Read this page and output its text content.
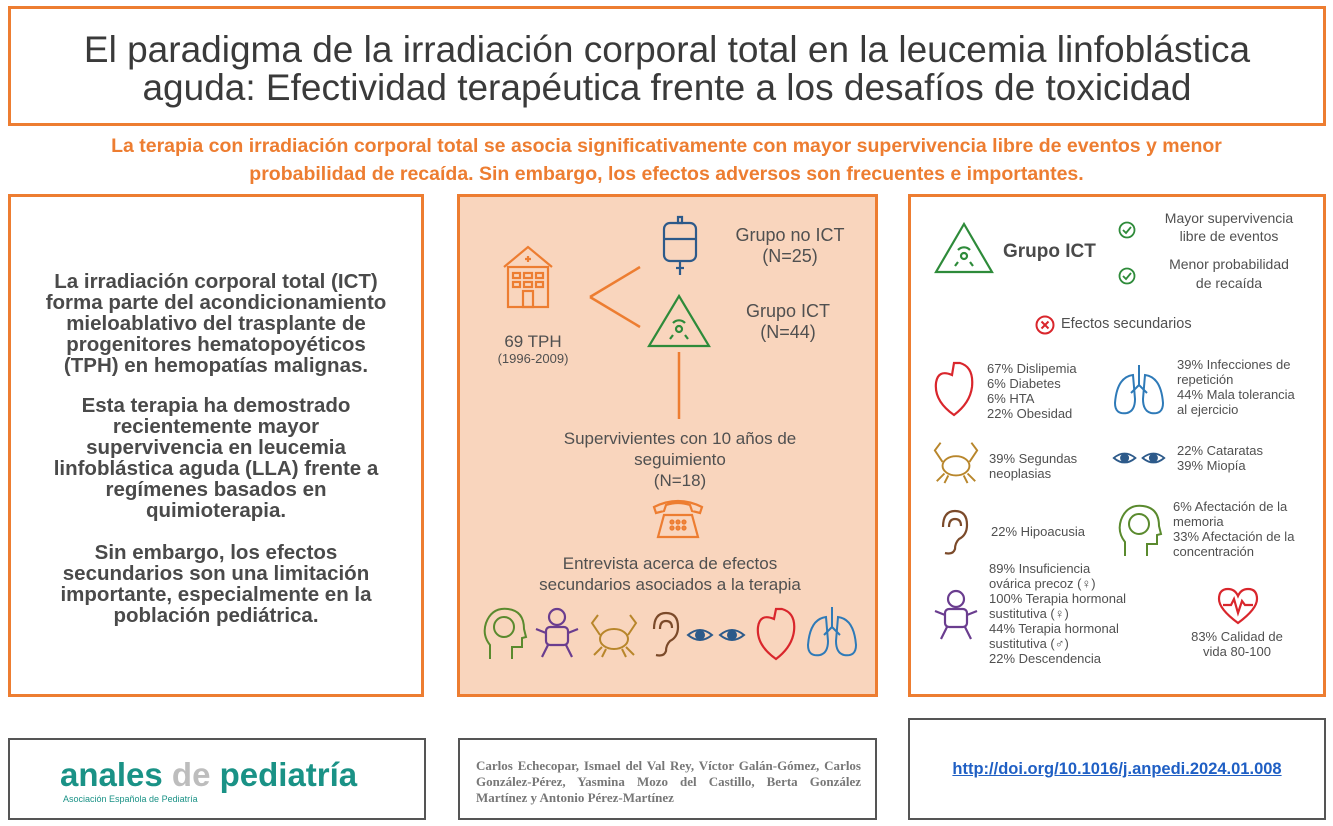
El paradigma de la irradiación corporal total en la leucemia linfoblástica
aguda: Efectividad terapéutica frente a los desafíos de toxicidad
La terapia con irradiación corporal total se asocia significativamente con mayor supervivencia libre de eventos y menor
probabilidad de recaída. Sin embargo, los efectos adversos son frecuentes e importantes.
La irradiación corporal total (ICT)
forma parte del acondicionamiento
mieloablativo del trasplante de
progenitores hematopoyéticos
(TPH) en hemopatías malignas.
Esta terapia ha demostrado
recientemente mayor
supervivencia en leucemia
linfoblástica aguda (LLA) frente a
regímenes basados en
quimioterapia.
Sin embargo, los efectos
secundarios son una limitación
importante, especialmente en la
población pediátrica.
69 TPH
(1996-2009)
Grupo no ICT
(N=25)
Grupo ICT
(N=44)
Supervivientes con 10 años de
seguimiento
(N=18)
Entrevista acerca de efectos
secundarios asociados a la terapia
Grupo ICT
Mayor supervivencia
libre de eventos
Menor probabilidad
de recaída
Efectos secundarios
67% Dislipemia
6% Diabetes
6% HTA
22% Obesidad
39% Infecciones de
repetición
44% Mala tolerancia
al ejercicio
39% Segundas
neoplasias
22% Cataratas
39% Miopía
22% Hipoacusia
6% Afectación de la
memoria
33% Afectación de la
concentración
89% Insuficiencia
ovárica precoz (♀)
100% Terapia hormonal
sustitutiva (♀)
44% Terapia hormonal
sustitutiva (♂)
22% Descendencia
83% Calidad de
vida 80-100
anales de pediatría
Asociación Española de Pediatría
Carlos Echecopar, Ismael del Val Rey, Víctor Galán-Gómez, Carlos González-Pérez, Yasmina Mozo del Castillo, Berta González Martínez y Antonio Pérez-Martínez
http://doi.org/10.1016/j.anpedi.2024.01.008
